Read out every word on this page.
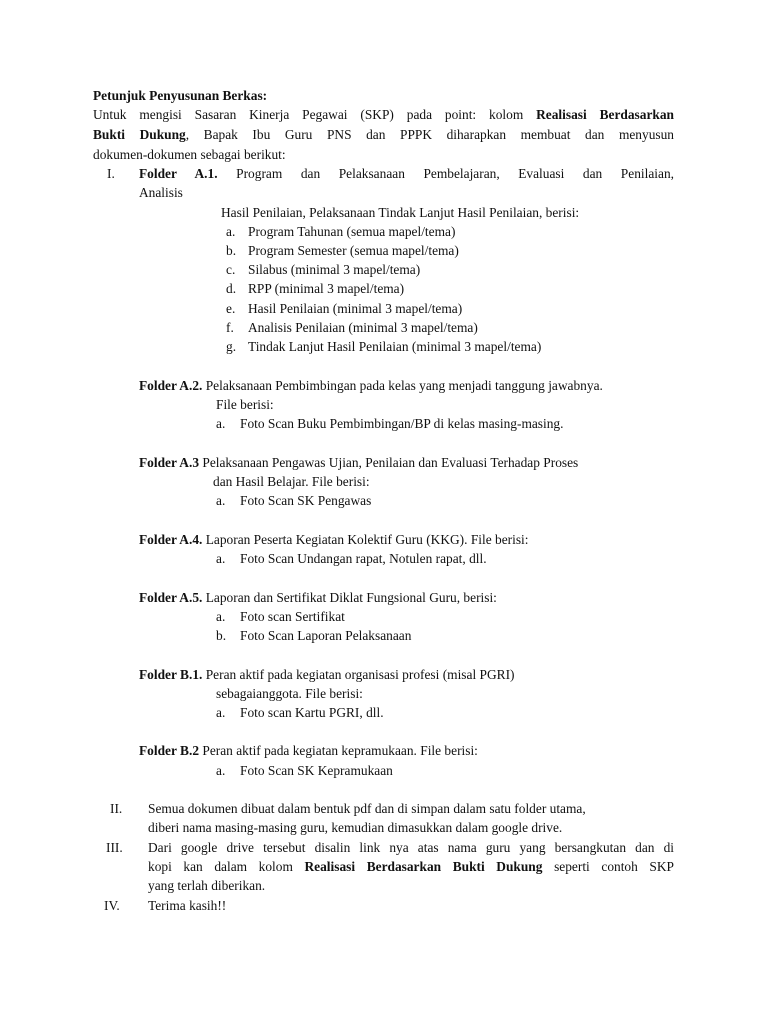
Petunjuk Penyusunan Berkas:
Untuk mengisi Sasaran Kinerja Pegawai (SKP) pada point: kolom Realisasi Berdasarkan
Bukti Dukung, Bapak Ibu Guru PNS dan PPPK diharapkan membuat dan menyusun
dokumen-dokumen sebagai berikut:
I. Folder A.1. Program dan Pelaksanaan Pembelajaran, Evaluasi dan Penilaian,
Analisis
Hasil Penilaian, Pelaksanaan Tindak Lanjut Hasil Penilaian, berisi:
a. Program Tahunan (semua mapel/tema)
b. Program Semester (semua mapel/tema)
c. Silabus (minimal 3 mapel/tema)
d. RPP (minimal 3 mapel/tema)
e. Hasil Penilaian (minimal 3 mapel/tema)
f. Analisis Penilaian (minimal 3 mapel/tema)
g. Tindak Lanjut Hasil Penilaian (minimal 3 mapel/tema)
Folder A.2. Pelaksanaan Pembimbingan pada kelas yang menjadi tanggung jawabnya.
File berisi:
a. Foto Scan Buku Pembimbingan/BP di kelas masing-masing.
Folder A.3 Pelaksanaan Pengawas Ujian, Penilaian dan Evaluasi Terhadap Proses
dan Hasil Belajar. File berisi:
a. Foto Scan SK Pengawas
Folder A.4. Laporan Peserta Kegiatan Kolektif Guru (KKG). File berisi:
a. Foto Scan Undangan rapat, Notulen rapat, dll.
Folder A.5. Laporan dan Sertifikat Diklat Fungsional Guru, berisi:
a. Foto scan Sertifikat
b. Foto Scan Laporan Pelaksanaan
Folder B.1. Peran aktif pada kegiatan organisasi profesi (misal PGRI)
sebagaianggota. File berisi:
a. Foto scan Kartu PGRI, dll.
Folder B.2 Peran aktif pada kegiatan kepramukaan. File berisi:
a. Foto Scan SK Kepramukaan
II. Semua dokumen dibuat dalam bentuk pdf dan di simpan dalam satu folder utama,
diberi nama masing-masing guru, kemudian dimasukkan dalam google drive.
III. Dari google drive tersebut disalin link nya atas nama guru yang bersangkutan dan di
kopi kan dalam kolom Realisasi Berdasarkan Bukti Dukung seperti contoh SKP
yang terlah diberikan.
IV. Terima kasih!!
